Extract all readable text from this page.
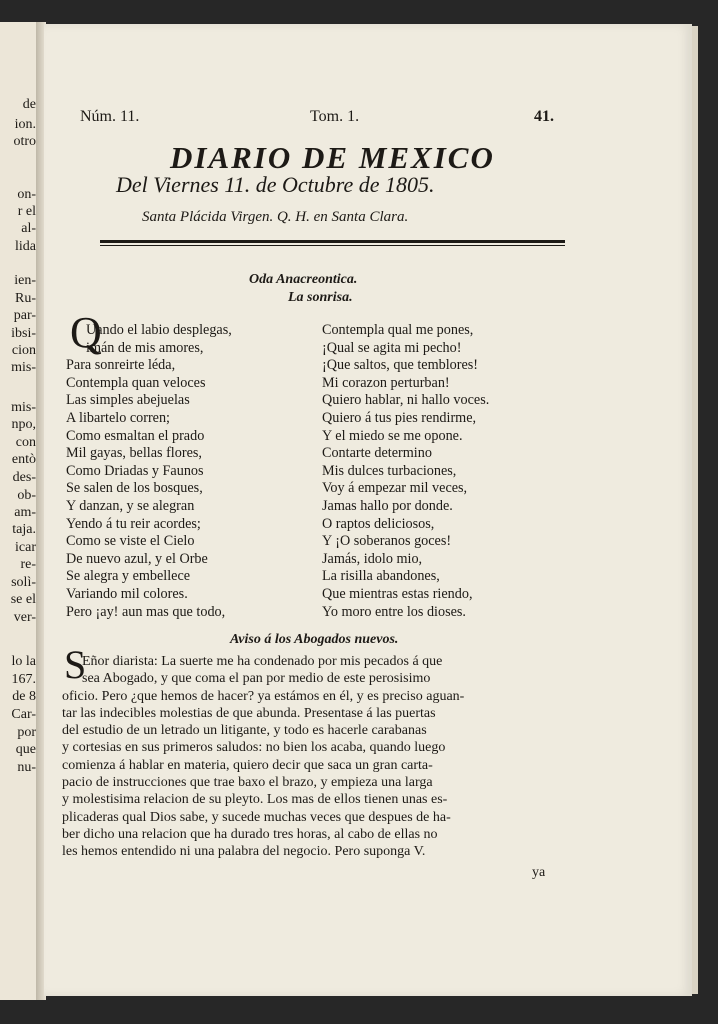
de
ion.
otro
on-
r el
al-
lida
ien-
Ru-
par-
ibsi-
cion
mis-
mis-
npo,
con
entò
des-
ob-
am-
taja.
icar
re-
solì-
se el
ver-
lo la
167.
de 8
Car-
por
que
nu-
Núm. 11.	Tom. 1.	41.
DIARIO DE MEXICO
Del Viernes 11. de Octubre de 1805.
Santa Plácida Virgen. Q. H. en Santa Clara.
Oda Anacreontica.
La sonrisa.
Q
Uando el labio desplegas,
imán de mis amores,
Para sonreirte léda,
Contempla quan veloces
Las simples abejuelas
A libartelo corren;
Como esmaltan el prado
Mil gayas, bellas flores,
Como Driadas y Faunos
Se salen de los bosques,
Y danzan, y se alegran
Yendo á tu reir acordes;
Como se viste el Cielo
De nuevo azul, y el Orbe
Se alegra y embellece
Variando mil colores.
Pero ¡ay! aun mas que todo,
Contempla qual me pones,
¡Qual se agita mi pecho!
¡Que saltos, que temblores!
Mi corazon perturban!
Quiero hablar, ni hallo voces.
Quiero á tus pies rendirme,
Y el miedo se me opone.
Contarte determino
Mis dulces turbaciones,
Voy á empezar mil veces,
Jamas hallo por donde.
O raptos deliciosos,
Y ¡O soberanos goces!
Jamás, idolo mio,
La risilla abandones,
Que mientras estas riendo,
Yo moro entre los dioses.
Aviso á los Abogados nuevos.
S
Eñor diarista: La suerte me ha condenado por mis pecados á que
sea Abogado, y que coma el pan por medio de este perosisimo
oficio. Pero ¿que hemos de hacer? ya estámos en él, y es preciso aguan-
tar las indecibles molestias de que abunda. Presentase á las puertas
del estudio de un letrado un litigante, y todo es hacerle carabanas
y cortesias en sus primeros saludos: no bien los acaba, quando luego
comienza á hablar en materia, quiero decir que saca un gran carta-
pacio de instrucciones que trae baxo el brazo, y empieza una larga
y molestisima relacion de su pleyto. Los mas de ellos tienen unas es-
plicaderas qual Dios sabe, y sucede muchas veces que despues de ha-
ber dicho una relacion que ha durado tres horas, al cabo de ellas no
les hemos entendido ni una palabra del negocio. Pero suponga V.
ya
